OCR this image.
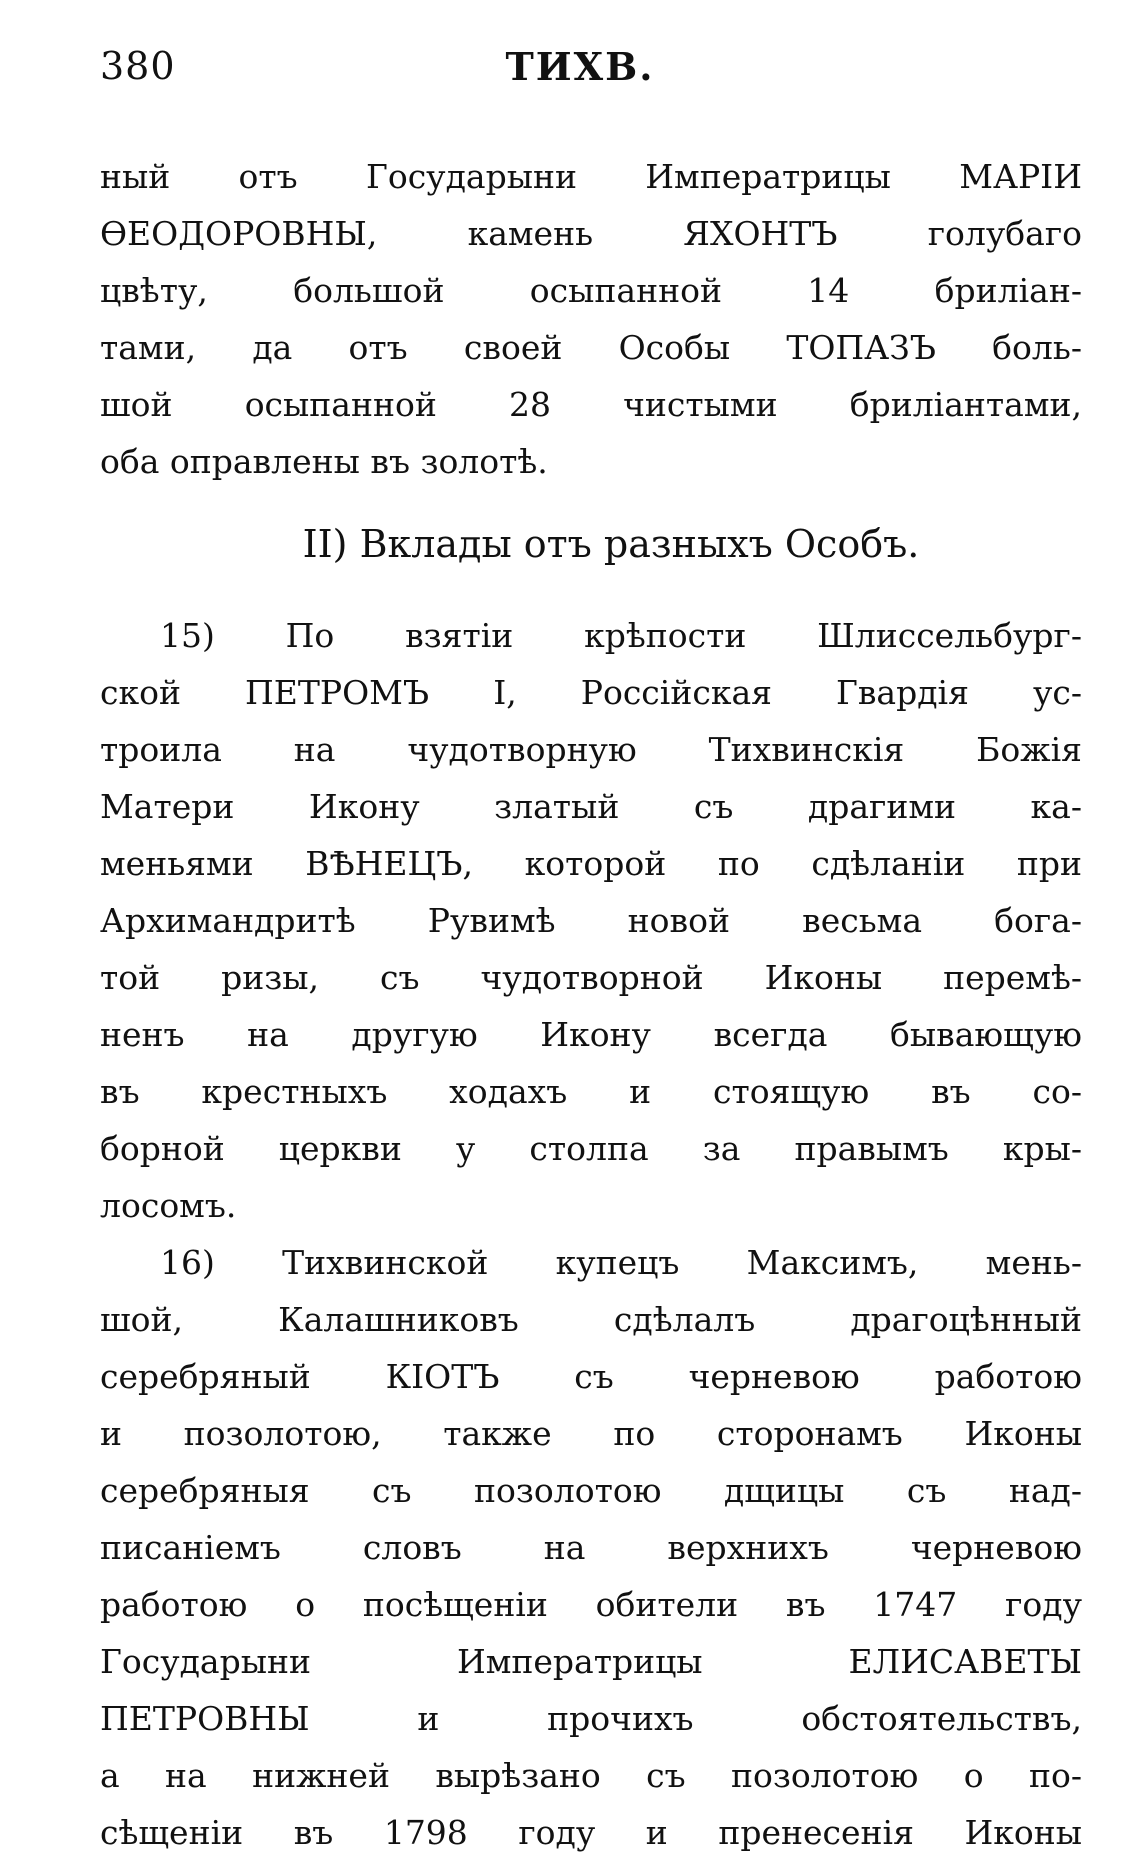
380	ТИХВ.
ный отъ Государыни Императрицы МАРІИ
ѲЕОДОРОВНЫ, камень ЯХОНТЪ голубаго
цвѣту, большой осыпанной 14 бриліан-
тами, да отъ своей Особы ТОПАЗЪ боль-
шой осыпанной 28 чистыми бриліантами,
оба оправлены въ золотѣ.
II) Вклады отъ разныхъ Особъ.
15) По взятіи крѣпости Шлиссельбург-
ской ПЕТРОМЪ I, Россійская Гвардія ус-
троила на чудотворную Тихвинскія Божія
Матери Икону златый съ драгими ка-
меньями ВѢНЕЦЪ, которой по сдѣланіи при
Архимандритѣ Рувимѣ новой весьма бога-
той ризы, съ чудотворной Иконы перемѣ-
ненъ на другую Икону всегда бывающую
въ крестныхъ ходахъ и стоящую въ со-
борной церкви у столпа за правымъ кры-
лосомъ.
16) Тихвинской купецъ Максимъ, мень-
шой, Калашниковъ сдѣлалъ драгоцѣнный
серебряный КІОТЪ съ черневою работою
и позолотою, также по сторонамъ Иконы
серебряныя съ позолотою дщицы съ над-
писаніемъ словъ на верхнихъ черневою
работою о посѣщеніи обители въ 1747 году
Государыни Императрицы ЕЛИСАВЕТЫ
ПЕТРОВНЫ и прочихъ обстоятельствъ,
а на нижней вырѣзано съ позолотою о по-
сѣщеніи въ 1798 году и пренесенія Иконы
